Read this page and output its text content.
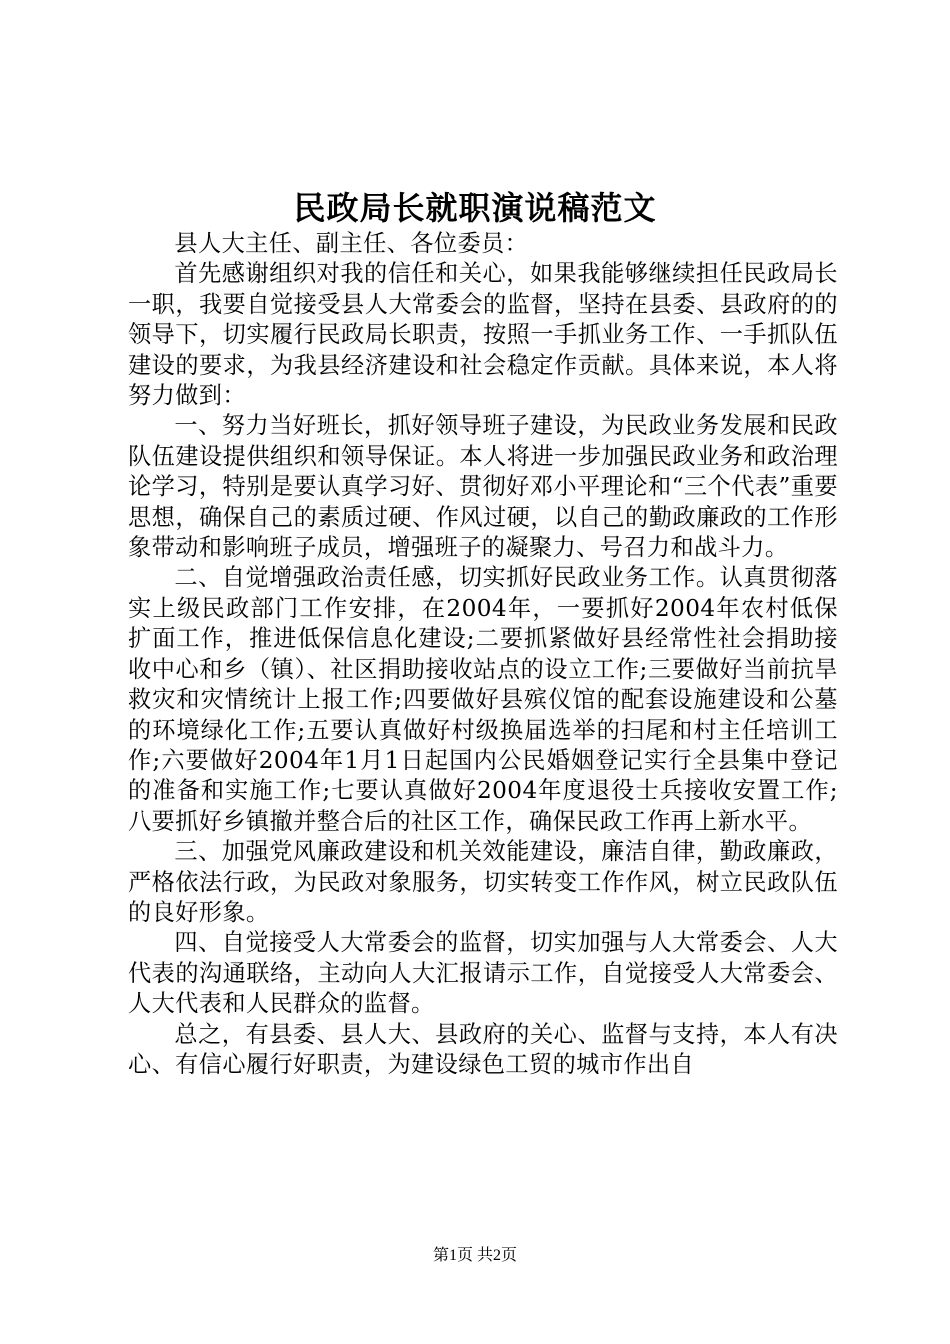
民政局长就职演说稿范文

县人大主任、副主任、各位委员：

首先感谢组织对我的信任和关心，如果我能够继续担任民政局长一职，我要自觉接受县人大常委会的监督，坚持在县委、县政府的的领导下，切实履行民政局长职责，按照一手抓业务工作、一手抓队伍建设的要求，为我县经济建设和社会稳定作贡献。具体来说，本人将努力做到：

一、努力当好班长，抓好领导班子建设，为民政业务发展和民政队伍建设提供组织和领导保证。本人将进一步加强民政业务和政治理论学习，特别是要认真学习好、贯彻好邓小平理论和“三个代表”重要思想，确保自己的素质过硬、作风过硬，以自己的勤政廉政的工作形象带动和影响班子成员，增强班子的凝聚力、号召力和战斗力。

二、自觉增强政治责任感，切实抓好民政业务工作。认真贯彻落实上级民政部门工作安排，在2004年，一要抓好2004年农村低保扩面工作，推进低保信息化建设;二要抓紧做好县经常性社会捐助接收中心和乡（镇）、社区捐助接收站点的设立工作;三要做好当前抗旱救灾和灾情统计上报工作;四要做好县殡仪馆的配套设施建设和公墓的环境绿化工作;五要认真做好村级换届选举的扫尾和村主任培训工作;六要做好2004年1月1日起国内公民婚姻登记实行全县集中登记的准备和实施工作;七要认真做好2004年度退役士兵接收安置工作;八要抓好乡镇撤并整合后的社区工作，确保民政工作再上新水平。

三、加强党风廉政建设和机关效能建设，廉洁自律，勤政廉政，严格依法行政，为民政对象服务，切实转变工作作风，树立民政队伍的良好形象。

四、自觉接受人大常委会的监督，切实加强与人大常委会、人大代表的沟通联络，主动向人大汇报请示工作，自觉接受人大常委会、人大代表和人民群众的监督。

总之，有县委、县人大、县政府的关心、监督与支持，本人有决心、有信心履行好职责，为建设绿色工贸的城市作出自

第1页 共2页
